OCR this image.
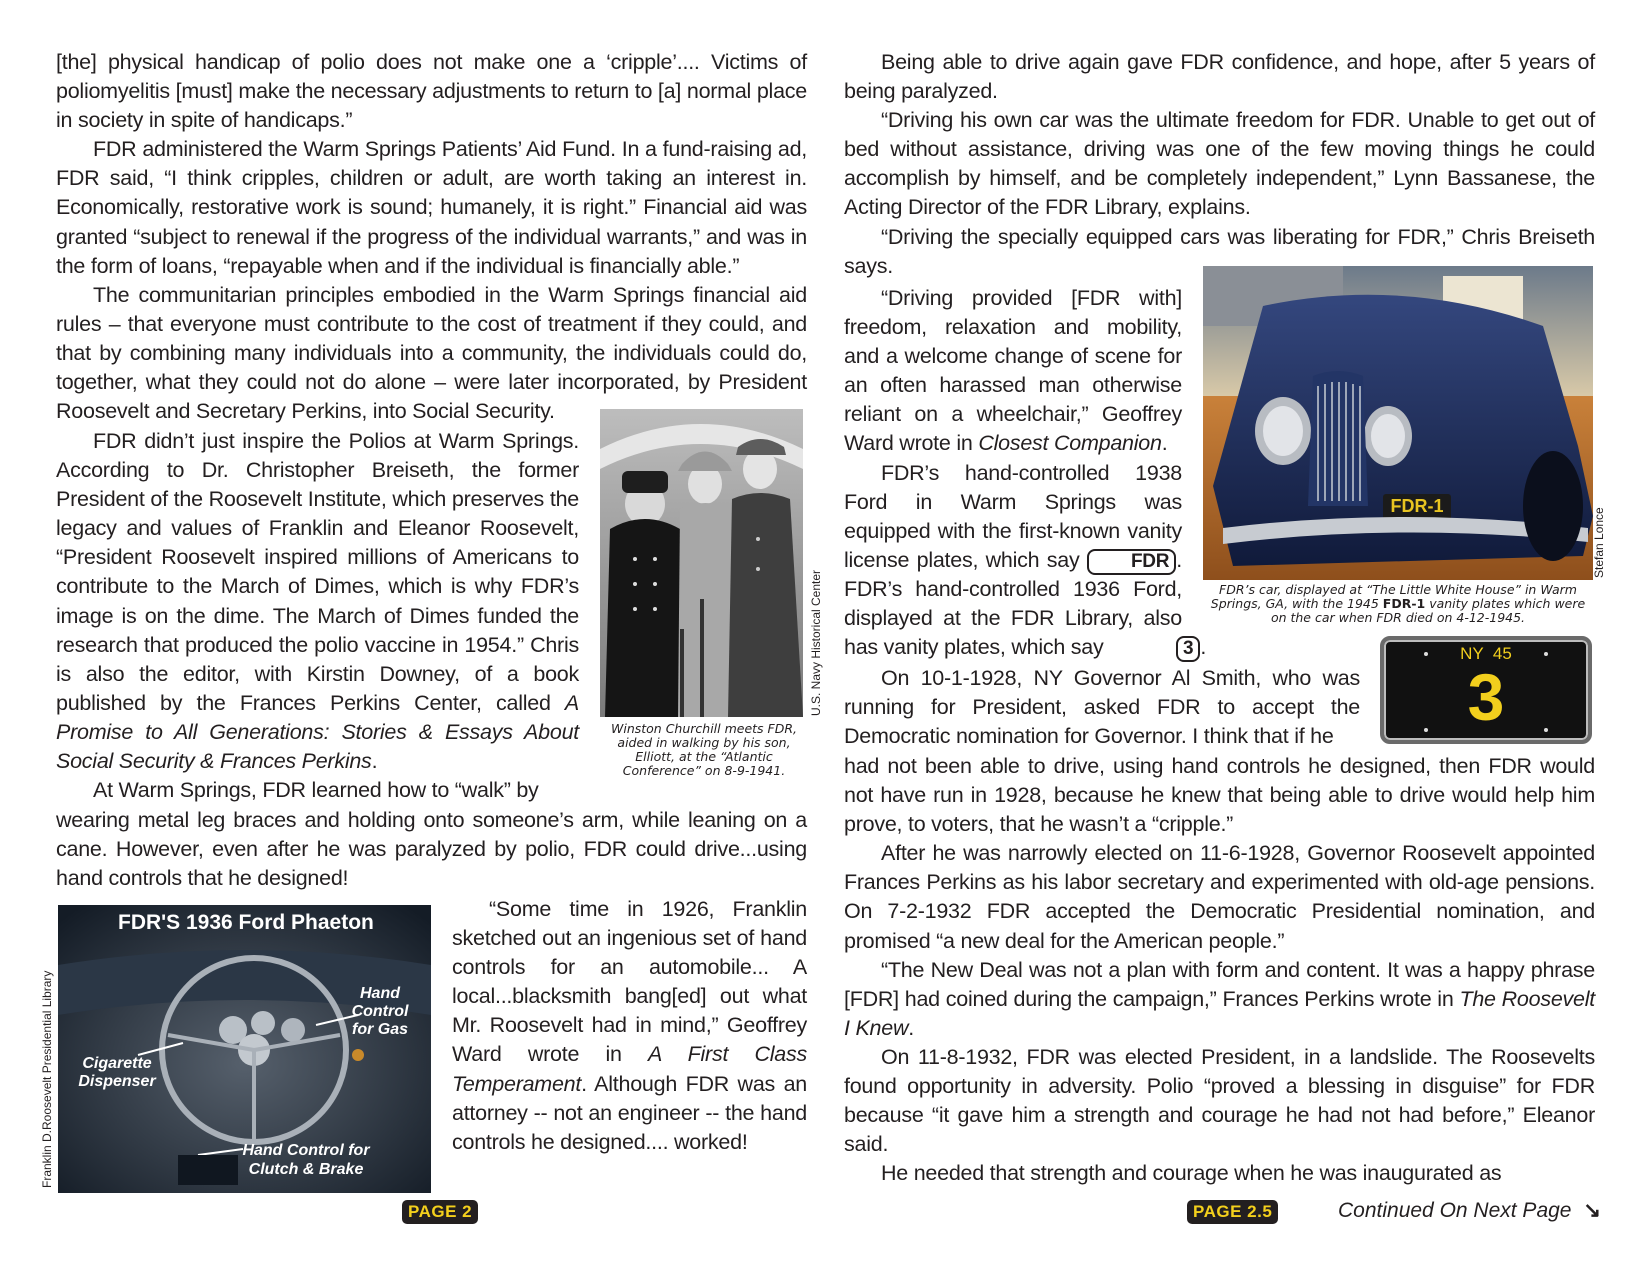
[the] physical handicap of polio does not make one a ‘cripple’.... Victims of poliomyelitis [must] make the necessary adjustments to return to [a] normal place in society in spite of handicaps.”

FDR administered the Warm Springs Patients’ Aid Fund. In a fund-raising ad, FDR said, “I think cripples, children or adult, are worth taking an interest in. Economically, restorative work is sound; humanely, it is right.” Financial aid was granted “subject to renewal if the progress of the individual warrants,” and was in the form of loans, “repayable when and if the individual is financially able.”

The communitarian principles embodied in the Warm Springs financial aid rules – that everyone must contribute to the cost of treatment if they could, and that by combining many individuals into a community, the individuals could do, together, what they could not do alone – were later incorporated, by President Roosevelt and Secretary Perkins, into Social Security.

FDR didn’t just inspire the Polios at Warm Springs. According to Dr. Christopher Breiseth, the former President of the Roosevelt Institute, which preserves the legacy and values of Franklin and Eleanor Roosevelt, “President Roosevelt inspired millions of Americans to contribute to the March of Dimes, which is why FDR’s image is on the dime. The March of Dimes funded the research that produced the polio vaccine in 1954.” Chris is also the editor, with Kirstin Downey, of a book published by the Frances Perkins Center, called A Promise to All Generations: Stories & Essays About Social Security & Frances Perkins.

At Warm Springs, FDR learned how to “walk” by

wearing metal leg braces and holding onto someone’s arm, while leaning on a cane. However, even after he was paralyzed by polio, FDR could drive...using hand controls that he designed!

“Some time in 1926, Franklin sketched out an ingenious set of hand controls for an automobile... A local...blacksmith bang[ed] out what Mr. Roosevelt had in mind,” Geoffrey Ward wrote in A First Class Temperament. Although FDR was an attorney -- not an engineer -- the hand controls he designed.... worked!

U.S. Navy Historical Center

Winston Churchill meets FDR, aided in walking by his son, Elliott, at the “Atlantic Conference” on 8-9-1941.

FDR'S 1936 Ford Phaeton
Hand Control for Gas
Cigarette Dispenser
Hand Control for Clutch & Brake
Franklin D.Roosevelt Presidential Library

Being able to drive again gave FDR confidence, and hope, after 5 years of being paralyzed.

“Driving his own car was the ultimate freedom for FDR. Unable to get out of bed without assistance, driving was one of the few moving things he could accomplish by himself, and be completely independent,” Lynn Bassanese, the Acting Director of the FDR Library, explains.

“Driving the specially equipped cars was liberating for FDR,” Chris Breiseth says.

“Driving provided [FDR with] freedom, relaxation and mobility, and a welcome change of scene for an often harassed man otherwise reliant on a wheelchair,” Geoffrey Ward wrote in Closest Companion.

FDR’s hand-controlled 1938 Ford in Warm Springs was equipped with the first-known vanity license plates, which say FDR . FDR’s hand-controlled 1936 Ford, displayed at the FDR Library, also has vanity plates, which say	3 .

On 10-1-1928, NY Governor Al Smith, who was running for President, asked FDR to accept the Democratic nomination for Governor. I think that if he

had not been able to drive, using hand controls he designed, then FDR would not have run in 1928, because he knew that being able to drive would help him prove, to voters, that he wasn’t a “cripple.”

After he was narrowly elected on 11-6-1928, Governor Roosevelt appointed Frances Perkins as his labor secretary and experimented with old-age pensions. On 7-2-1932 FDR accepted the Democratic Presidential nomination, and promised “a new deal for the American people.”

“The New Deal was not a plan with form and content. It was a happy phrase [FDR] had coined during the campaign,” Frances Perkins wrote in The Roosevelt I Knew.

On 11-8-1932, FDR was elected President, in a landslide. The Roosevelts found opportunity in adversity. Polio “proved a blessing in disguise” for FDR because “it gave him a strength and courage he had not had before,” Eleanor said.

He needed that strength and courage when he was inaugurated as

FDR-1
Stefan Lonce

FDR’s car, displayed at “The Little White House” in Warm Springs, GA, with the 1945 FDR-1 vanity plates which were on the car when FDR died on 4-12-1945.

NY  45
3
PAGE 2	PAGE 2.5	Continued On Next Page ↘
